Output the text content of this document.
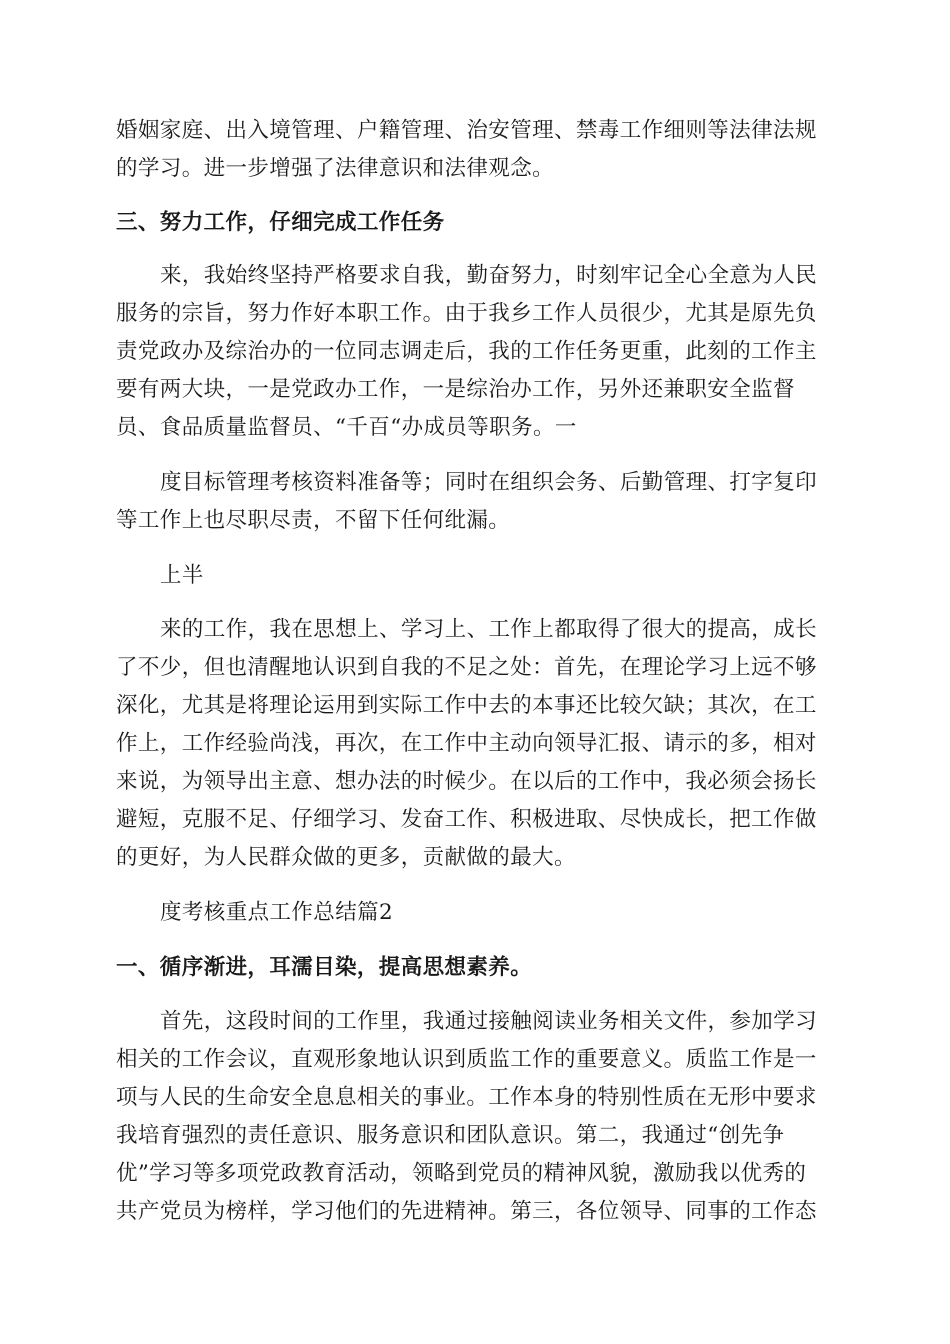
婚姻家庭、出入境管理、户籍管理、治安管理、禁毒工作细则等法律法规
的学习。进一步增强了法律意识和法律观念。
三、努力工作，仔细完成工作任务
来，我始终坚持严格要求自我，勤奋努力，时刻牢记全心全意为人民
服务的宗旨，努力作好本职工作。由于我乡工作人员很少，尤其是原先负
责党政办及综治办的一位同志调走后，我的工作任务更重，此刻的工作主
要有两大块，一是党政办工作，一是综治办工作，另外还兼职安全监督
员、食品质量监督员、“千百“办成员等职务。一
度目标管理考核资料准备等；同时在组织会务、后勤管理、打字复印
等工作上也尽职尽责，不留下任何纰漏。
上半
来的工作，我在思想上、学习上、工作上都取得了很大的提高，成长
了不少，但也清醒地认识到自我的不足之处：首先，在理论学习上远不够
深化，尤其是将理论运用到实际工作中去的本事还比较欠缺；其次，在工
作上，工作经验尚浅，再次，在工作中主动向领导汇报、请示的多，相对
来说，为领导出主意、想办法的时候少。在以后的工作中，我必须会扬长
避短，克服不足、仔细学习、发奋工作、积极进取、尽快成长，把工作做
的更好，为人民群众做的更多，贡献做的最大。
度考核重点工作总结篇2
一、循序渐进，耳濡目染，提高思想素养。
首先，这段时间的工作里，我通过接触阅读业务相关文件，参加学习
相关的工作会议，直观形象地认识到质监工作的重要意义。质监工作是一
项与人民的生命安全息息相关的事业。工作本身的特别性质在无形中要求
我培育强烈的责任意识、服务意识和团队意识。第二，我通过“创先争
优”学习等多项党政教育活动，领略到党员的精神风貌，激励我以优秀的
共产党员为榜样，学习他们的先进精神。第三，各位领导、同事的工作态
